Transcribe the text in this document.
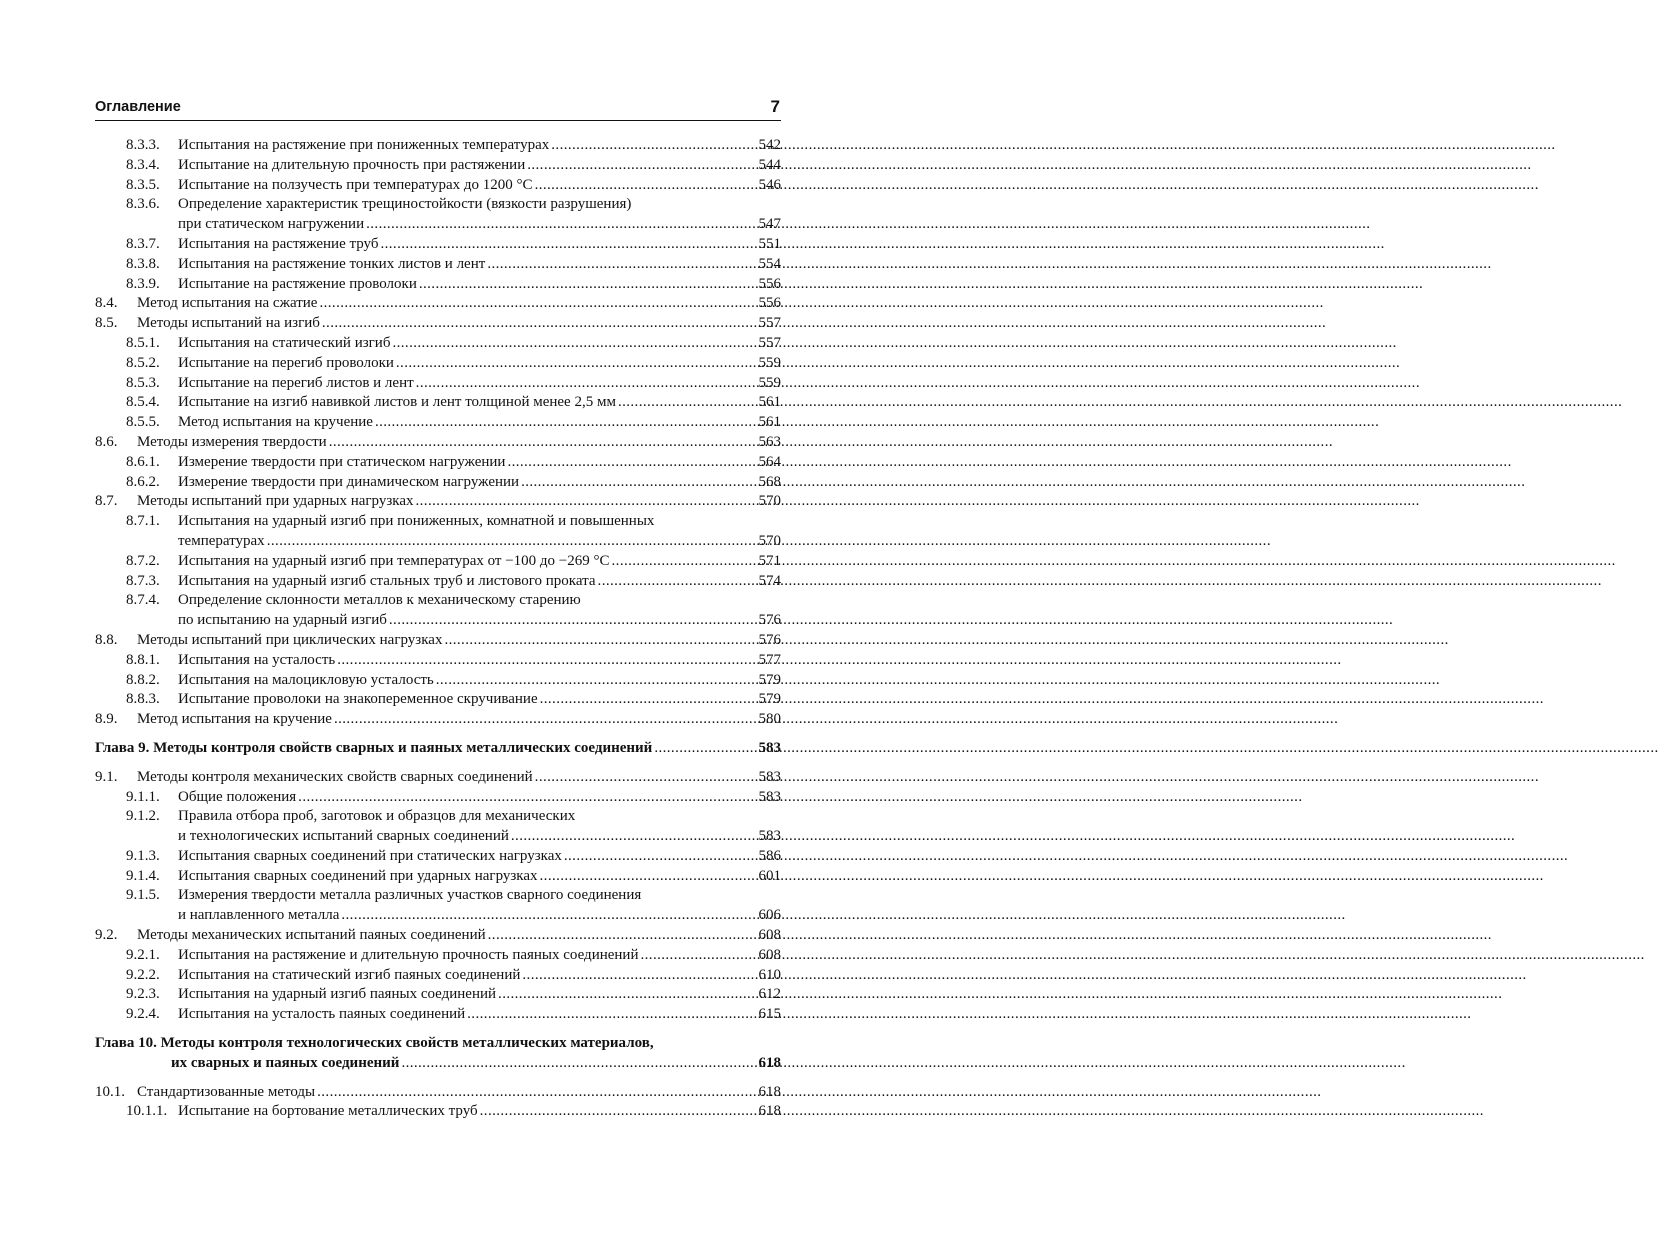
Оглавление	7
8.3.3.	Испытания на растяжение при пониженных температурах .....	542
8.3.4.	Испытание на длительную прочность при растяжении .....	544
8.3.5.	Испытание на ползучесть при температурах до 1200 °С .....	546
8.3.6.	Определение характеристик трещиностойкости (вязкости разрушения)
при статическом нагружении .....	547
8.3.7.	Испытания на растяжение труб .....	551
8.3.8.	Испытания на растяжение тонких листов и лент .....	554
8.3.9.	Испытание на растяжение проволоки .....	556
8.4.	Метод испытания на сжатие .....	556
8.5.	Методы испытаний на изгиб .....	557
8.5.1.	Испытания на статический изгиб .....	557
8.5.2.	Испытание на перегиб проволоки .....	559
8.5.3.	Испытание на перегиб листов и лент .....	559
8.5.4.	Испытание на изгиб навивкой листов и лент толщиной менее 2,5 мм .....	561
8.5.5.	Метод испытания на кручение .....	561
8.6.	Методы измерения твердости .....	563
8.6.1.	Измерение твердости при статическом нагружении .....	564
8.6.2.	Измерение твердости при динамическом нагружении .....	568
8.7.	Методы испытаний при ударных нагрузках .....	570
8.7.1.	Испытания на ударный изгиб при пониженных, комнатной и повышенных
температурах .....	570
8.7.2.	Испытания на ударный изгиб при температурах от −100 до −269 °С .....	571
8.7.3.	Испытания на ударный изгиб стальных труб и листового проката .....	574
8.7.4.	Определение склонности металлов к механическому старению
по испытанию на ударный изгиб .....	576
8.8.	Методы испытаний при циклических нагрузках .....	576
8.8.1.	Испытания на усталость .....	577
8.8.2.	Испытания на малоцикловую усталость .....	579
8.8.3.	Испытание проволоки на знакопеременное скручивание .....	579
8.9.	Метод испытания на кручение .....	580
Глава 9. Методы контроля свойств сварных и паяных металлических соединений .....	583
9.1.	Методы контроля механических свойств сварных соединений .....	583
9.1.1.	Общие положения .....	583
9.1.2.	Правила отбора проб, заготовок и образцов для механических
и технологических испытаний сварных соединений .....	583
9.1.3.	Испытания сварных соединений при статических нагрузках .....	586
9.1.4.	Испытания сварных соединений при ударных нагрузках .....	601
9.1.5.	Измерения твердости металла различных участков сварного соединения
и наплавленного металла .....	606
9.2.	Методы механических испытаний паяных соединений .....	608
9.2.1.	Испытания на растяжение и длительную прочность паяных соединений .....	608
9.2.2.	Испытания на статический изгиб паяных соединений .....	610
9.2.3.	Испытания на ударный изгиб паяных соединений .....	612
9.2.4.	Испытания на усталость паяных соединений .....	615
Глава 10. Методы контроля технологических свойств металлических материалов,
их сварных и паяных соединений .....	618
10.1. Стандартизованные методы .....	618
10.1.1. Испытание на бортование металлических труб .....	618
